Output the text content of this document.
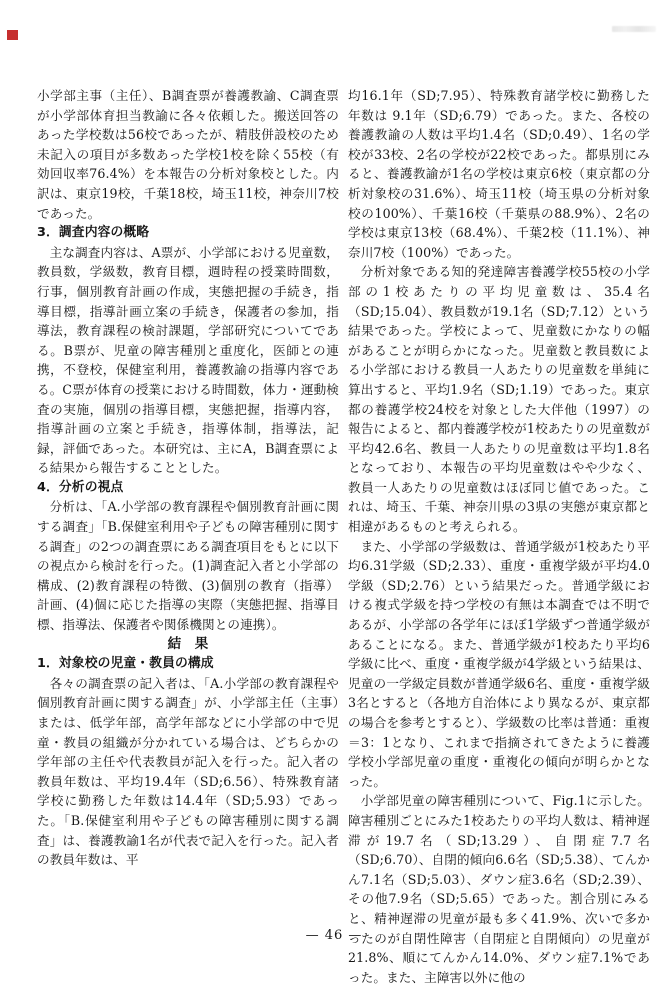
小学部主事（主任）、B調査票が養護教諭、C調査票が小学部体育担当教諭に各々依頼した。搬送回答のあった学校数は56校であったが、精肢併設校のため未記入の項目が多数あった学校1校を除く55校（有効回収率76.4%）を本報告の分析対象校とした。内訳は、東京19校，千葉18校，埼玉11校，神奈川7校であった。

3．調査内容の概略

主な調査内容は、A票が、小学部における児童数，教員数，学級数，教育目標，週時程の授業時間数，行事，個別教育計画の作成，実態把握の手続き，指導目標，指導計画立案の手続き，保護者の参加，指導法，教育課程の検討課題，学部研究についてである。B票が、児童の障害種別と重度化，医師との連携，不登校，保健室利用，養護教諭の指導内容である。C票が体育の授業における時間数，体力・運動検査の実施，個別の指導目標，実態把握，指導内容，指導計画の立案と手続き，指導体制，指導法，記録，評価であった。本研究は、主にA，B調査票による結果から報告することとした。

4．分析の視点

分析は、「A.小学部の教育課程や個別教育計画に関する調査」「B.保健室利用や子どもの障害種別に関する調査」の2つの調査票にある調査項目をもとに以下の視点から検討を行った。(1)調査記入者と小学部の構成、(2)教育課程の特徴、(3)個別の教育（指導）計画、(4)個に応じた指導の実際（実態把握、指導目標、指導法、保護者や関係機関との連携）。

結　果

1．対象校の児童・教員の構成

各々の調査票の記入者は、「A.小学部の教育課程や個別教育計画に関する調査」が、小学部主任（主事）または、低学年部，高学年部などに小学部の中で児童・教員の組織が分かれている場合は、どちらかの学年部の主任や代表教員が記入を行った。記入者の教員年数は、平均19.4年（SD;6.56）、特殊教育諸学校に勤務した年数は14.4年（SD;5.93）であった。「B.保健室利用や子どもの障害種別に関する調査」は、養護教諭1名が代表で記入を行った。記入者の教員年数は、平

均16.1年（SD;7.95）、特殊教育諸学校に勤務した年数は 9.1年（SD;6.79）であった。また、各校の養護教諭の人数は平均1.4名（SD;0.49）、1名の学校が33校、2名の学校が22校であった。都県別にみると、養護教諭が1名の学校は東京6校（東京都の分析対象校の31.6%）、埼玉11校（埼玉県の分析対象校の100%）、千葉16校（千葉県の88.9%）、2名の学校は東京13校（68.4%）、千葉2校（11.1%）、神奈川7校（100%）であった。

分析対象である知的発達障害養護学校55校の小学部の1校あたりの平均児童数は、35.4名（SD;15.04）、教員数が19.1名（SD;7.12）という結果であった。学校によって、児童数にかなりの幅があることが明らかになった。児童数と教員数による小学部における教員一人あたりの児童数を単純に算出すると、平均1.9名（SD;1.19）であった。東京都の養護学校24校を対象とした大伴他（1997）の報告によると、都内養護学校が1校あたりの児童数が平均42.6名、教員一人あたりの児童数は平均1.8名となっており、本報告の平均児童数はやや少なく、教員一人あたりの児童数はほぼ同じ値であった。これは、埼玉、千葉、神奈川県の3県の実態が東京都と相違があるものと考えられる。

また、小学部の学級数は、普通学級が1校あたり平均6.31学級（SD;2.33）、重度・重複学級が平均4.0学級（SD;2.76）という結果だった。普通学級における複式学級を持つ学校の有無は本調査では不明であるが、小学部の各学年にほぼ1学級ずつ普通学級があることになる。また、普通学級が1校あたり平均6学級に比べ、重度・重複学級が4学級という結果は、児童の一学級定員数が普通学級6名、重度・重複学級3名とすると（各地方自治体により異なるが、東京都の場合を参考とすると）、学級数の比率は普通：重複＝3：1となり、これまで指摘されてきたように養護学校小学部児童の重度・重複化の傾向が明らかとなった。

小学部児童の障害種別について、Fig.1に示した。障害種別ごとにみた1校あたりの平均人数は、精神遅滞が19.7名（SD;13.29）、自閉症7.7名（SD;6.70）、自閉的傾向6.6名（SD;5.38）、てんかん7.1名（SD;5.03）、ダウン症3.6名（SD;2.39）、その他7.9名（SD;5.65）であった。割合別にみると、精神遅滞の児童が最も多く41.9%、次いで多かったのが自閉性障害（自閉症と自閉傾向）の児童が21.8%、順にてんかん14.0%、ダウン症7.1%であった。また、主障害以外に他の

— 46 —
